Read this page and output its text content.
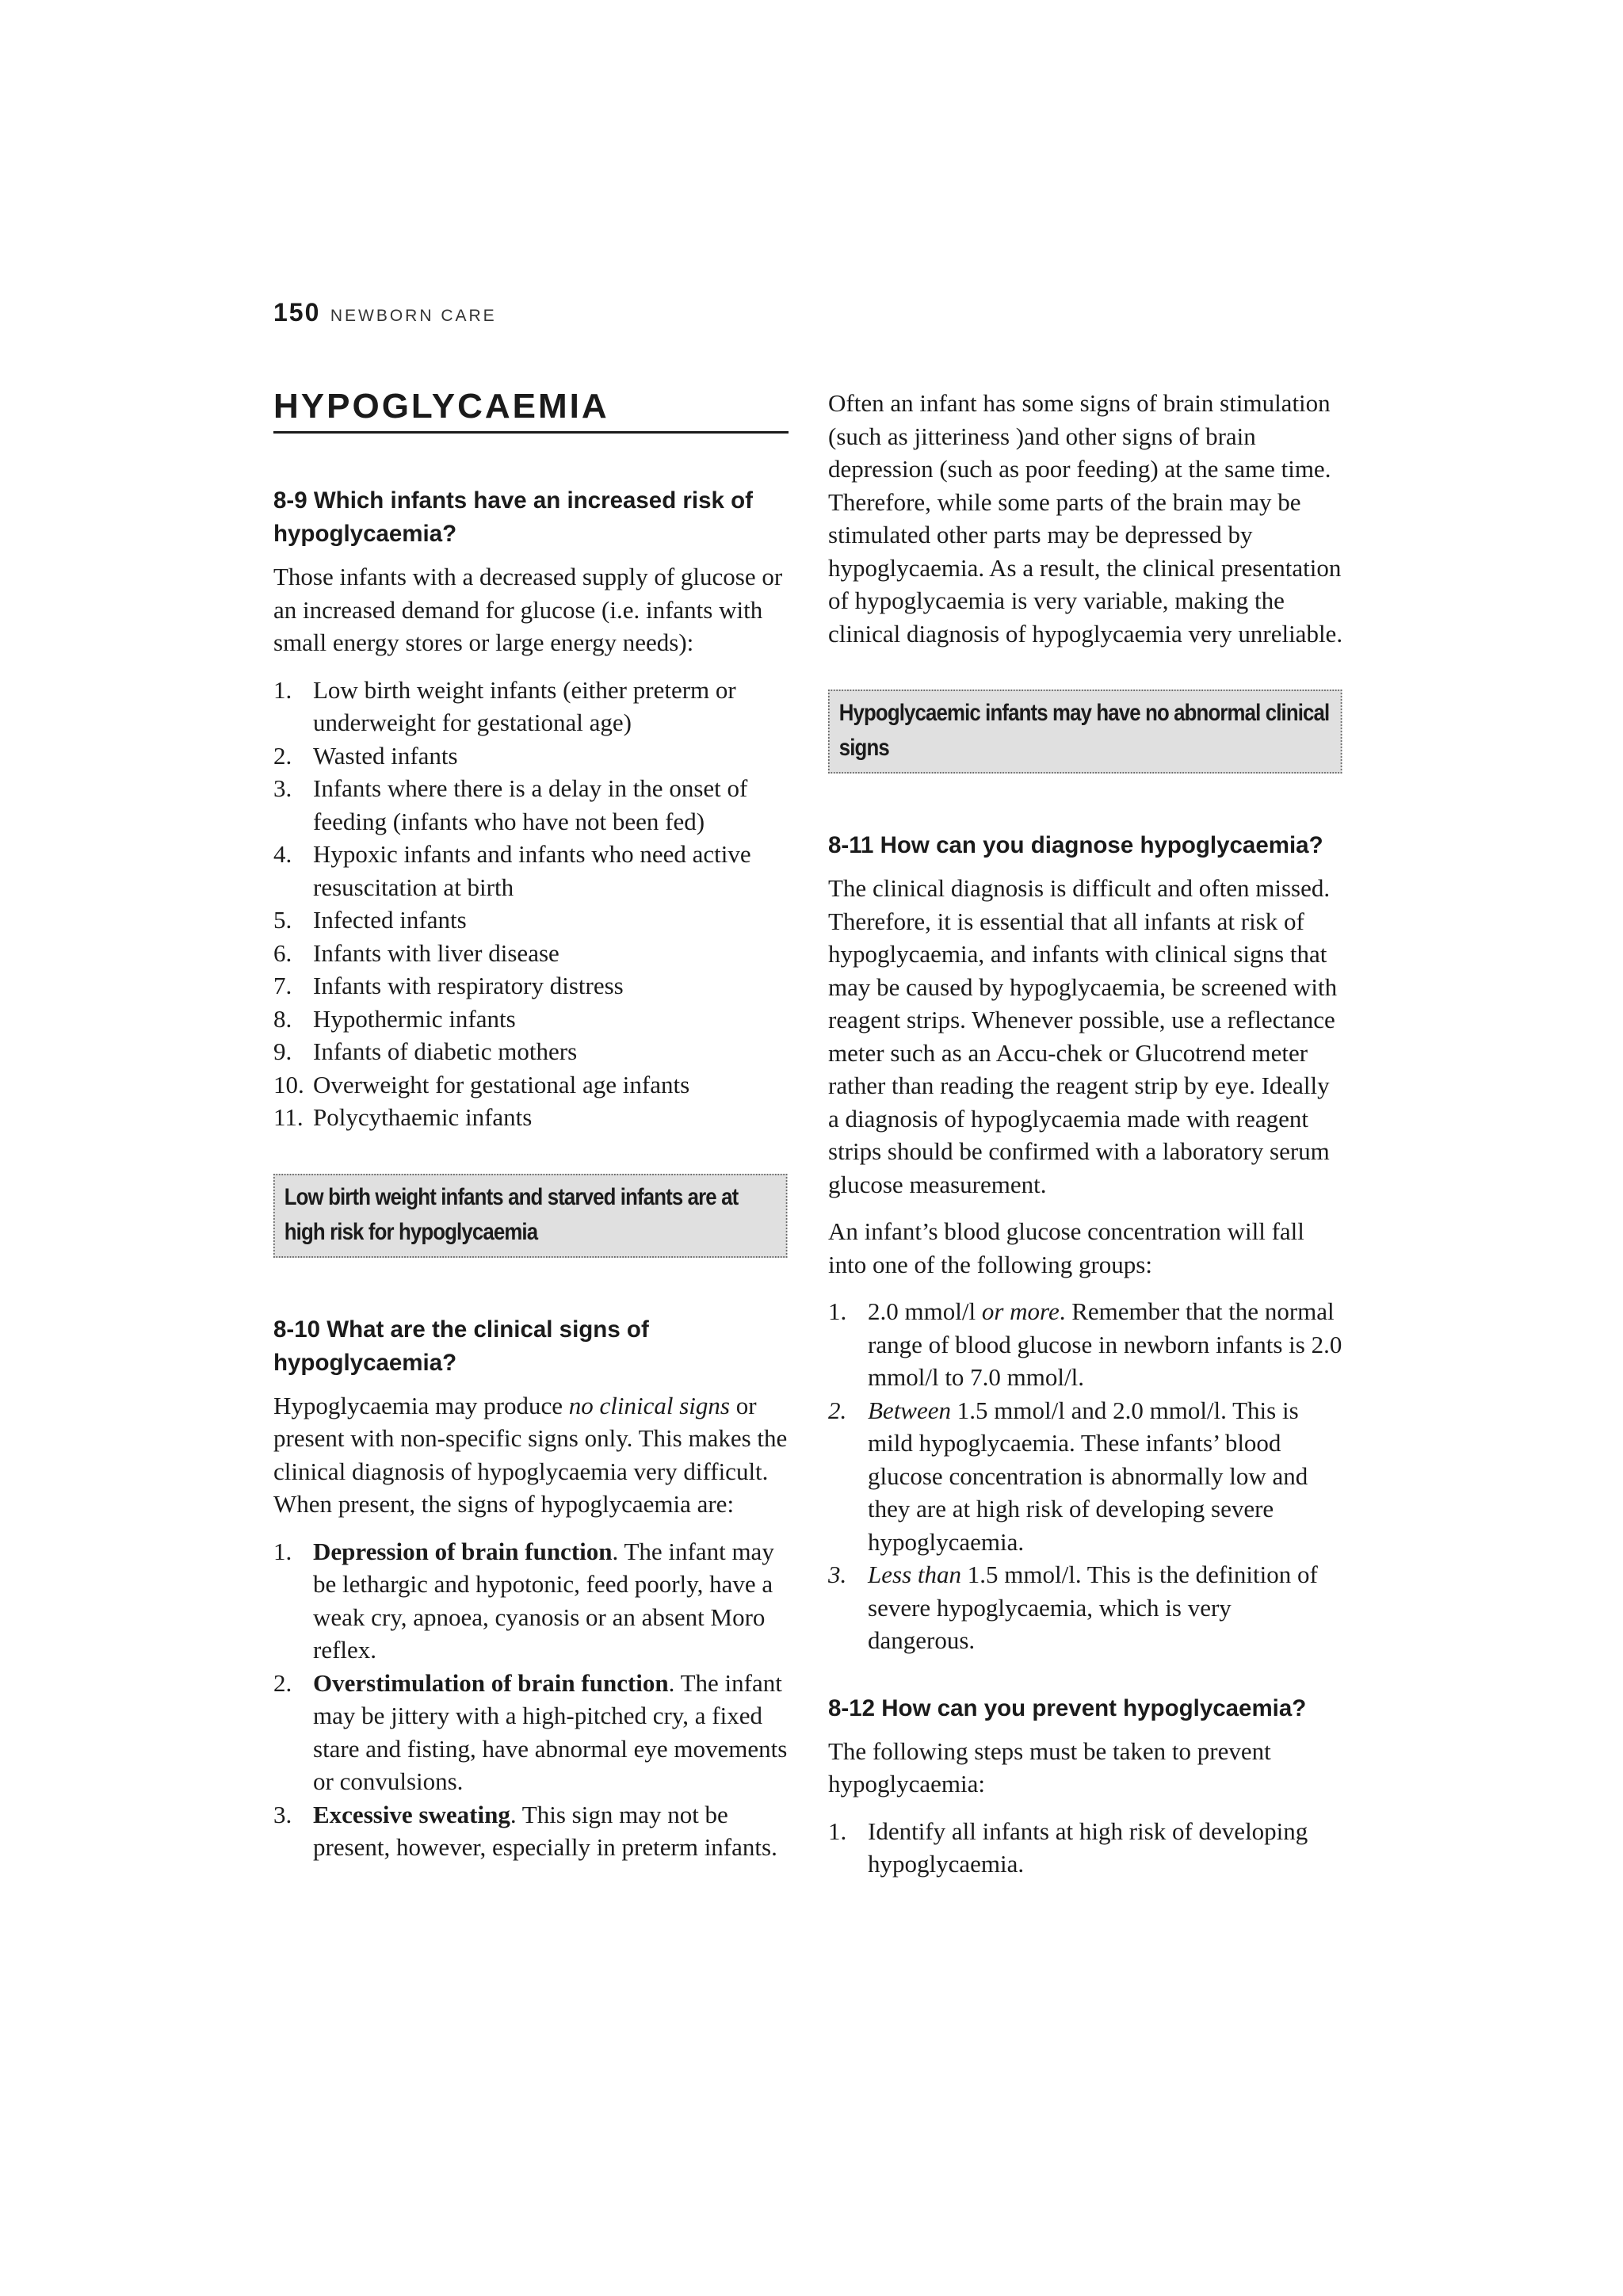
150 NEWBORN CARE
HYPOGLYCAEMIA
8-9 Which infants have an increased risk of hypoglycaemia?

Those infants with a decreased supply of glucose or an increased demand for glucose (i.e. infants with small energy stores or large energy needs):

1. Low birth weight infants (either preterm or underweight for gestational age)
2. Wasted infants
3. Infants where there is a delay in the onset of feeding (infants who have not been fed)
4. Hypoxic infants and infants who need active resuscitation at birth
5. Infected infants
6. Infants with liver disease
7. Infants with respiratory distress
8. Hypothermic infants
9. Infants of diabetic mothers
10. Overweight for gestational age infants
11. Polycythaemic infants
Low birth weight infants and starved infants are at high risk for hypoglycaemia
8-10 What are the clinical signs of hypoglycaemia?

Hypoglycaemia may produce no clinical signs or present with non-specific signs only. This makes the clinical diagnosis of hypoglycaemia very difficult. When present, the signs of hypoglycaemia are:

1. Depression of brain function. The infant may be lethargic and hypotonic, feed poorly, have a weak cry, apnoea, cyanosis or an absent Moro reflex.
2. Overstimulation of brain function. The infant may be jittery with a high-pitched cry, a fixed stare and fisting, have abnormal eye movements or convulsions.
3. Excessive sweating. This sign may not be present, however, especially in preterm infants.

Often an infant has some signs of brain stimulation (such as jitteriness )and other signs of brain depression (such as poor feeding) at the same time. Therefore, while some parts of the brain may be stimulated other parts may be depressed by hypoglycaemia. As a result, the clinical presentation of hypoglycaemia is very variable, making the clinical diagnosis of hypoglycaemia very unreliable.

Hypoglycaemic infants may have no abnormal clinical signs
8-11 How can you diagnose hypoglycaemia?

The clinical diagnosis is difficult and often missed. Therefore, it is essential that all infants at risk of hypoglycaemia, and infants with clinical signs that may be caused by hypoglycaemia, be screened with reagent strips. Whenever possible, use a reflectance meter such as an Accu-chek or Glucotrend meter rather than reading the reagent strip by eye. Ideally a diagnosis of hypoglycaemia made with reagent strips should be confirmed with a laboratory serum glucose measurement.

An infant’s blood glucose concentration will fall into one of the following groups:

1. 2.0 mmol/l or more. Remember that the normal range of blood glucose in newborn infants is 2.0 mmol/l to 7.0 mmol/l.
2. Between 1.5 mmol/l and 2.0 mmol/l. This is mild hypoglycaemia. These infants’ blood glucose concentration is abnormally low and they are at high risk of developing severe hypoglycaemia.
3. Less than 1.5 mmol/l. This is the definition of severe hypoglycaemia, which is very dangerous.
8-12 How can you prevent hypoglycaemia?

The following steps must be taken to prevent hypoglycaemia:

1. Identify all infants at high risk of developing hypoglycaemia.
